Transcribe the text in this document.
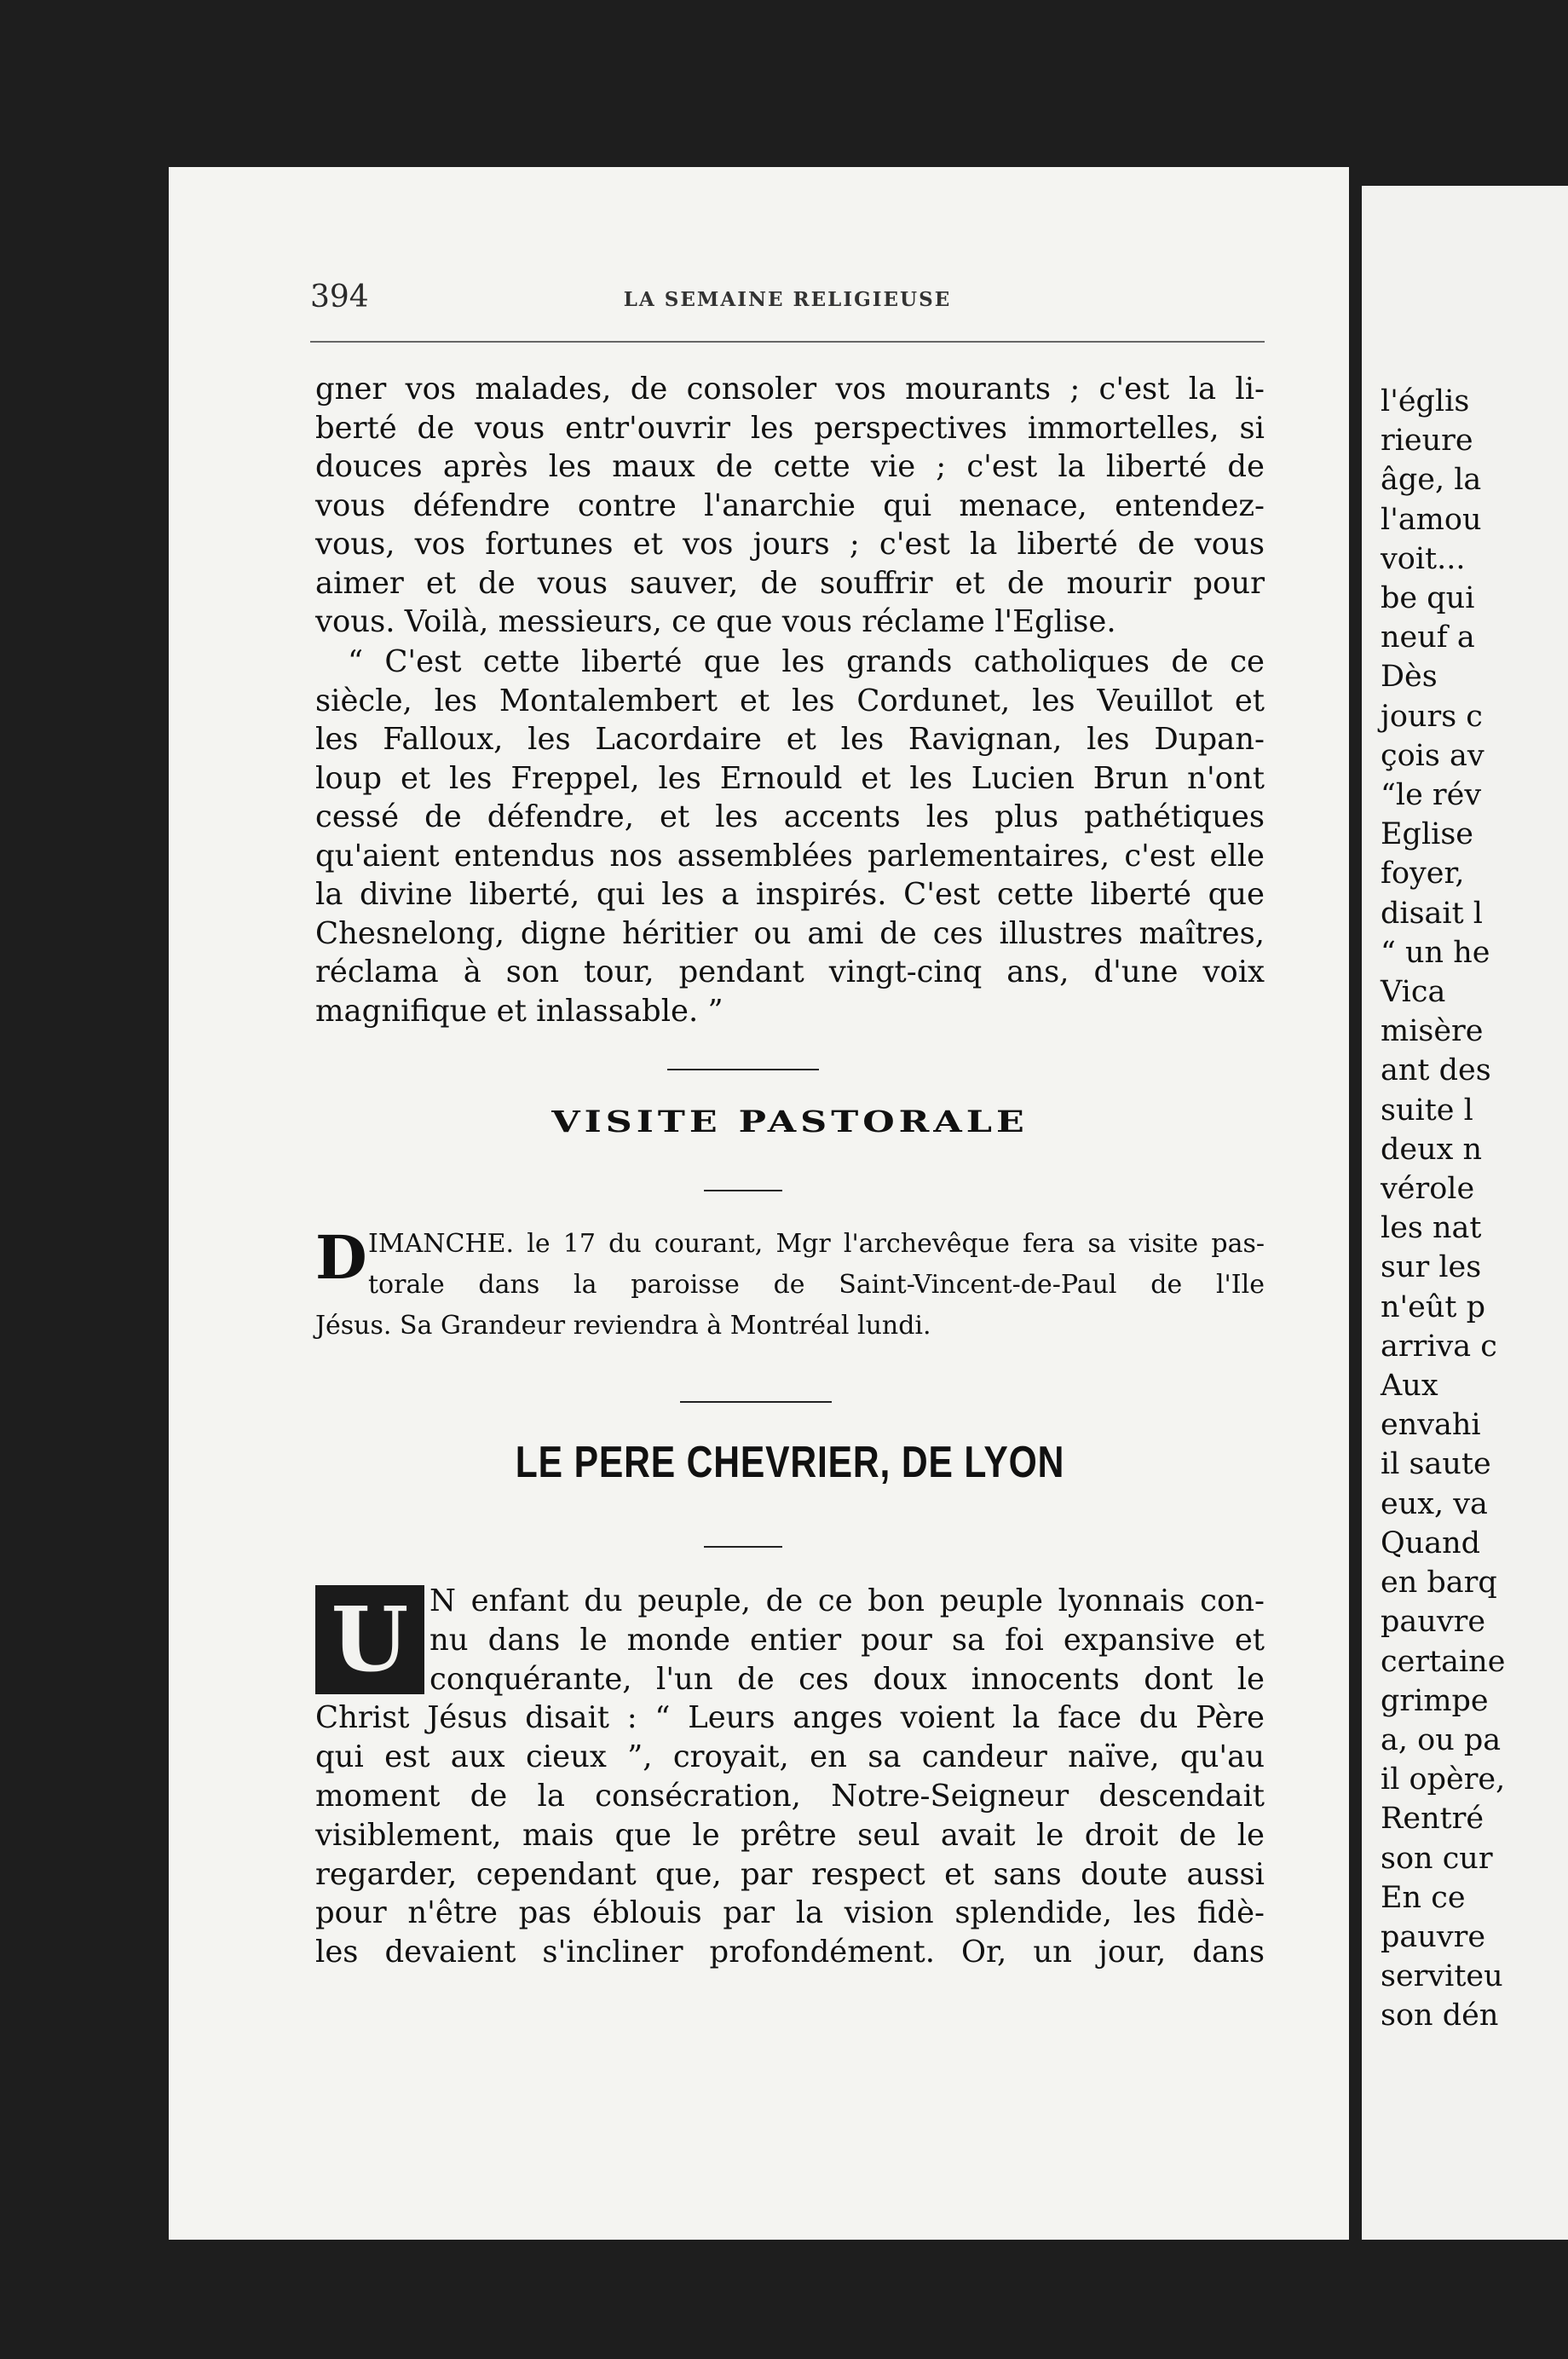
394	LA SEMAINE RELIGIEUSE
gner vos malades, de consoler vos mourants ; c'est la li-
berté de vous entr'ouvrir les perspectives immortelles, si
douces après les maux de cette vie ; c'est la liberté de
vous défendre contre l'anarchie qui menace, entendez-
vous, vos fortunes et vos jours ; c'est la liberté de vous
aimer et de vous sauver, de souffrir et de mourir pour
vous. Voilà, messieurs, ce que vous réclame l'Eglise.
“ C'est cette liberté que les grands catholiques de ce
siècle, les Montalembert et les Cordunet, les Veuillot et
les Falloux, les Lacordaire et les Ravignan, les Dupan-
loup et les Freppel, les Ernould et les Lucien Brun n'ont
cessé de défendre, et les accents les plus pathétiques
qu'aient entendus nos assemblées parlementaires, c'est elle
la divine liberté, qui les a inspirés. C'est cette liberté que
Chesnelong, digne héritier ou ami de ces illustres maîtres,
réclama à son tour, pendant vingt-cinq ans, d'une voix
magnifique et inlassable. ”
VISITE PASTORALE
D IMANCHE. le 17 du courant, Mgr l'archevêque fera sa visite pas-
torale dans la paroisse de Saint-Vincent-de-Paul de l'Ile
Jésus. Sa Grandeur reviendra à Montréal lundi.
LE PERE CHEVRIER, DE LYON
U N enfant du peuple, de ce bon peuple lyonnais con-
nu dans le monde entier pour sa foi expansive et
conquérante, l'un de ces doux innocents dont le
Christ Jésus disait : “ Leurs anges voient la face du Père
qui est aux cieux ”, croyait, en sa candeur naïve, qu'au
moment de la consécration, Notre-Seigneur descendait
visiblement, mais que le prêtre seul avait le droit de le
regarder, cependant que, par respect et sans doute aussi
pour n'être pas éblouis par la vision splendide, les fidè-
les devaient s'incliner profondément. Or, un jour, dans
l'églis
rieure
âge, la
l'amou
voit...
be qui
neuf a
Dès
jours c
çois av
“le rév
Eglise
foyer,
disait l
“ un he
Vica
misère
ant des
suite l
deux n
vérole
les nat
sur les
n'eût p
arriva c
Aux
envahi
il saute
eux, va
Quand
en barq
pauvre
certaine
grimpe
a, ou pa
il opère,
Rentré
son cur
En ce
pauvre
serviteu
son dén
